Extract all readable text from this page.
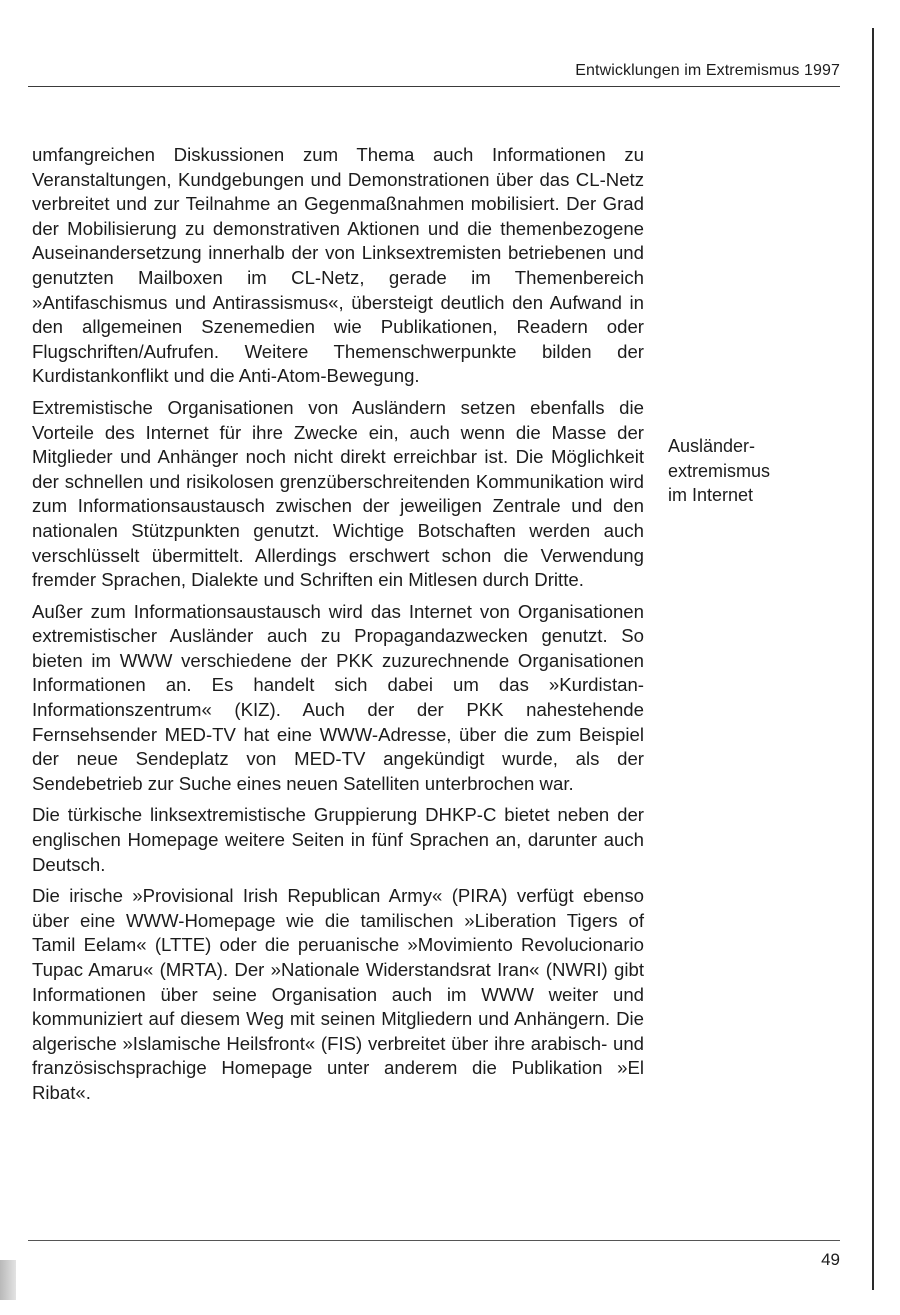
Entwicklungen im Extremismus 1997

umfangreichen Diskussionen zum Thema auch Informationen zu Veranstaltungen, Kundgebungen und Demonstrationen über das CL-Netz verbreitet und zur Teilnahme an Gegenmaßnahmen mobilisiert. Der Grad der Mobilisierung zu demonstrativen Aktionen und die themenbezogene Auseinandersetzung innerhalb der von Linksextremisten betriebenen und genutzten Mailboxen im CL-Netz, gerade im Themenbereich »Antifaschismus und Antirassismus«, übersteigt deutlich den Aufwand in den allgemeinen Szenemedien wie Publikationen, Readern oder Flugschriften/Aufrufen. Weitere Themenschwerpunkte bilden der Kurdistankonflikt und die Anti-Atom-Bewegung.

Extremistische Organisationen von Ausländern setzen ebenfalls die Vorteile des Internet für ihre Zwecke ein, auch wenn die Masse der Mitglieder und Anhänger noch nicht direkt erreichbar ist. Die Möglichkeit der schnellen und risikolosen grenzüberschreitenden Kommunikation wird zum Informationsaustausch zwischen der jeweiligen Zentrale und den nationalen Stützpunkten genutzt. Wichtige Botschaften werden auch verschlüsselt übermittelt. Allerdings erschwert schon die Verwendung fremder Sprachen, Dialekte und Schriften ein Mitlesen durch Dritte.

Außer zum Informationsaustausch wird das Internet von Organisationen extremistischer Ausländer auch zu Propagandazwecken genutzt. So bieten im WWW verschiedene der PKK zuzurechnende Organisationen Informationen an. Es handelt sich dabei um das »Kurdistan-Informationszentrum« (KIZ). Auch der der PKK nahestehende Fernsehsender MED-TV hat eine WWW-Adresse, über die zum Beispiel der neue Sendeplatz von MED-TV angekündigt wurde, als der Sendebetrieb zur Suche eines neuen Satelliten unterbrochen war.

Die türkische linksextremistische Gruppierung DHKP-C bietet neben der englischen Homepage weitere Seiten in fünf Sprachen an, darunter auch Deutsch.

Die irische »Provisional Irish Republican Army« (PIRA) verfügt ebenso über eine WWW-Homepage wie die tamilischen »Liberation Tigers of Tamil Eelam« (LTTE) oder die peruanische »Movimiento Revolucionario Tupac Amaru« (MRTA). Der »Nationale Widerstandsrat Iran« (NWRI) gibt Informationen über seine Organisation auch im WWW weiter und kommuniziert auf diesem Weg mit seinen Mitgliedern und Anhängern. Die algerische »Islamische Heilsfront« (FIS) verbreitet über ihre arabisch- und französischsprachige Homepage unter anderem die Publikation »El Ribat«.

Ausländer-
extremismus
im Internet
49
